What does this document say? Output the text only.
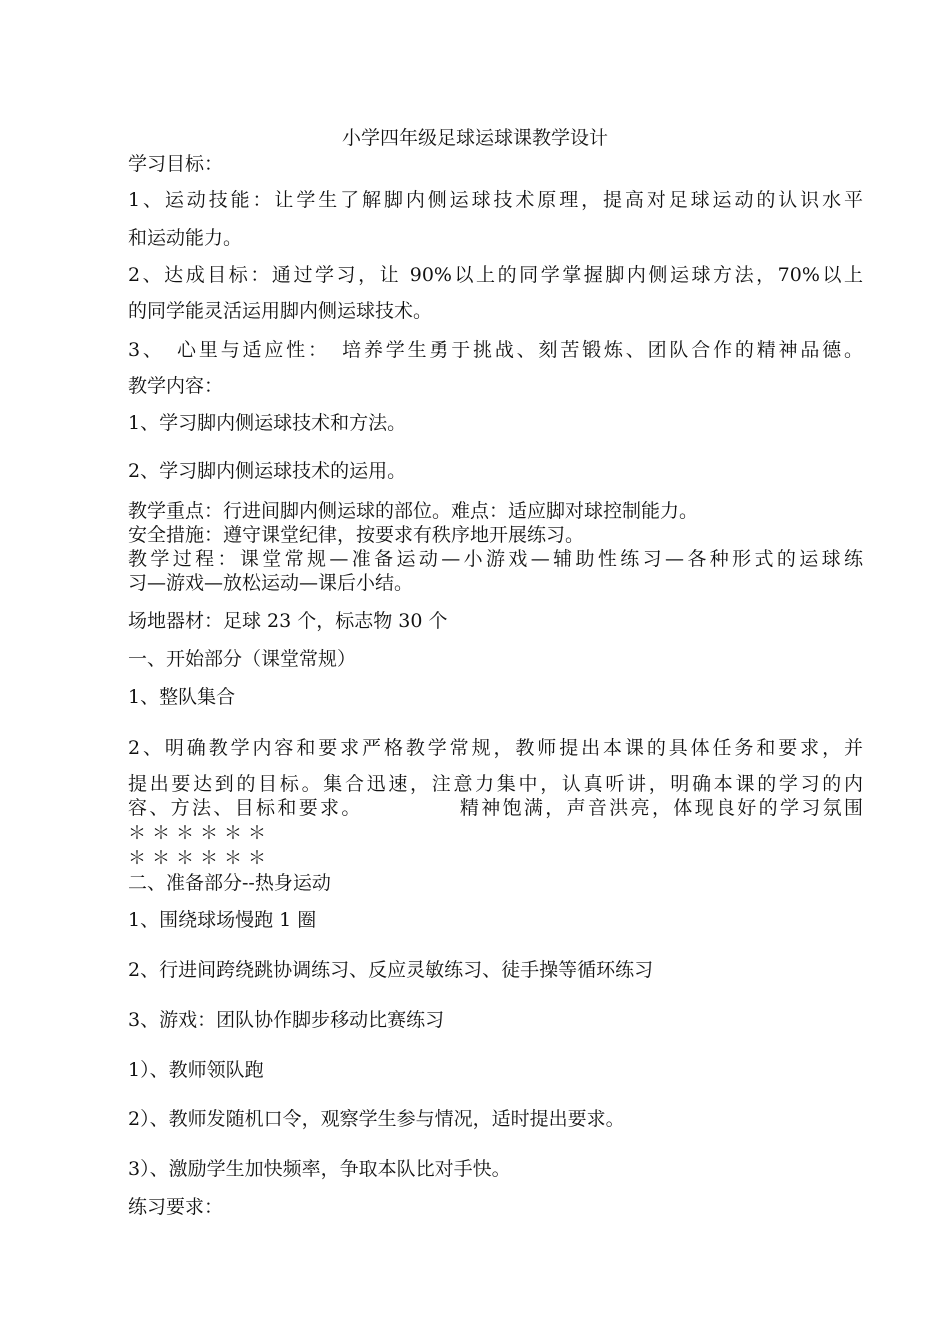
小学四年级足球运球课教学设计
学习目标：
1、运动技能：让学生了解脚内侧运球技术原理，提高对足球运动的认识水平
和运动能力。
2、达成目标：通过学习，让 90%以上的同学掌握脚内侧运球方法，70%以上
的同学能灵活运用脚内侧运球技术。
3、　心里与适应性：　培养学生勇于挑战、刻苦锻炼、团队合作的精神品德。
教学内容：
1、学习脚内侧运球技术和方法。
2、学习脚内侧运球技术的运用。
教学重点：行进间脚内侧运球的部位。难点：适应脚对球控制能力。
安全措施：遵守课堂纪律，按要求有秩序地开展练习。
教学过程：课堂常规—准备运动—小游戏—辅助性练习—各种形式的运球练
习—游戏—放松运动—课后小结。
场地器材：足球 23 个，标志物 30 个
一、开始部分（课堂常规）
1、整队集合
2、明确教学内容和要求严格教学常规，教师提出本课的具体任务和要求，并
提出要达到的目标。集合迅速，注意力集中，认真听讲，明确本课的学习的内
容、方法、目标和要求。　　　　　精神饱满，声音洪亮，体现良好的学习氛围
＊＊＊＊＊＊
＊＊＊＊＊＊
二、准备部分--热身运动
1、围绕球场慢跑 1 圈
2、行进间跨绕跳协调练习、反应灵敏练习、徒手操等循环练习
3、游戏：团队协作脚步移动比赛练习
1）、教师领队跑
2）、教师发随机口令，观察学生参与情况，适时提出要求。
3）、激励学生加快频率，争取本队比对手快。
练习要求：
